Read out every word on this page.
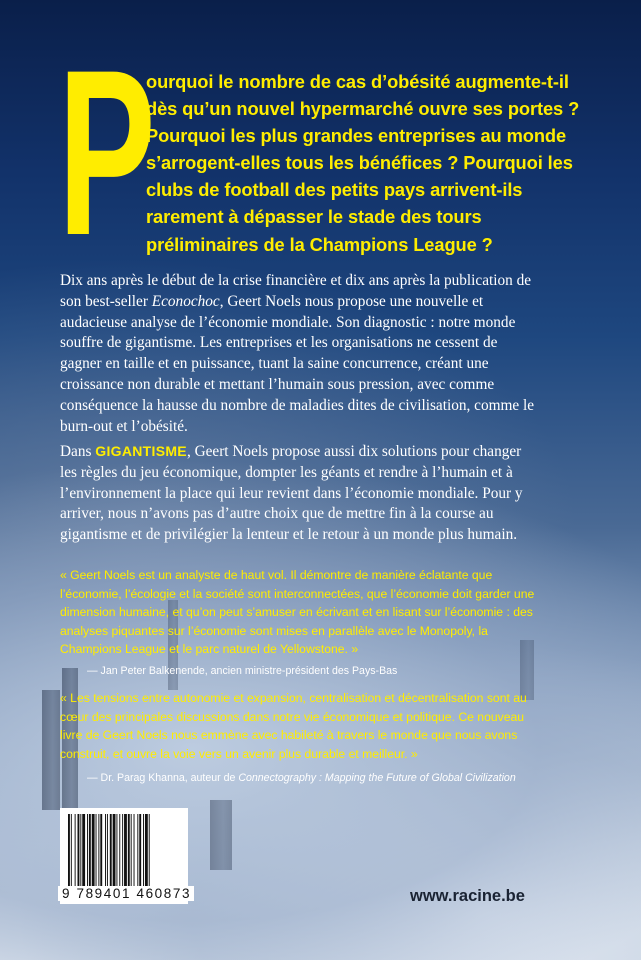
P
ourquoi le nombre de cas d’obésité augmente-t-il dès qu’un nouvel hypermarché ouvre ses portes ? Pourquoi les plus grandes entreprises au monde s’arrogent-elles tous les bénéfices ? Pourquoi les clubs de football des petits pays arrivent-ils rarement à dépasser le stade des tours préliminaires de la Champions League ?
Dix ans après le début de la crise financière et dix ans après la publication de son best-seller Econochoc, Geert Noels nous propose une nouvelle et audacieuse analyse de l’économie mondiale. Son diagnostic : notre monde souffre de gigantisme. Les entreprises et les organisations ne cessent de gagner en taille et en puissance, tuant la saine concurrence, créant une croissance non durable et mettant l’humain sous pression, avec comme conséquence la hausse du nombre de maladies dites de civilisation, comme le burn-out et l’obésité.
Dans GIGANTISME, Geert Noels propose aussi dix solutions pour changer les règles du jeu économique, dompter les géants et rendre à l’humain et à l’environnement la place qui leur revient dans l’économie mondiale. Pour y arriver, nous n’avons pas d’autre choix que de mettre fin à la course au gigantisme et de privilégier la lenteur et le retour à un monde plus humain.
« Geert Noels est un analyste de haut vol. Il démontre de manière éclatante que l’économie, l’écologie et la société sont interconnectées, que l’économie doit garder une dimension humaine, et qu’on peut s’amuser en écrivant et en lisant sur l’économie : des analyses piquantes sur l’économie sont mises en parallèle avec le Monopoly, la Champions League et le parc naturel de Yellowstone. »
— Jan Peter Balkenende, ancien ministre-président des Pays-Bas
« Les tensions entre autonomie et expansion, centralisation et décentralisation sont au cœur des principales discussions dans notre vie économique et politique. Ce nouveau livre de Geert Noels nous emmène avec habileté à travers le monde que nous avons construit, et ouvre la voie vers un avenir plus durable et meilleur. »
— Dr. Parag Khanna, auteur de Connectography : Mapping the Future of Global Civilization
9 789401 460873	www.racine.be
